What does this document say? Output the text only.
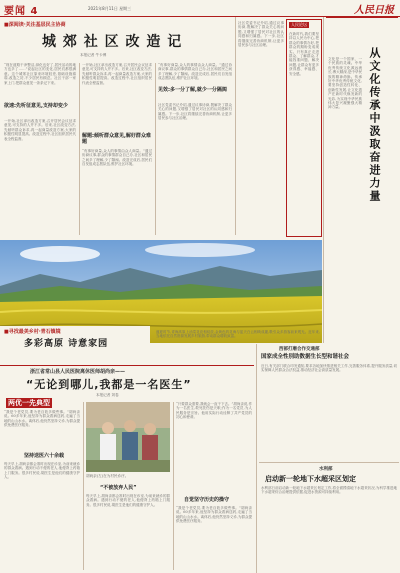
要闻 4	2021年8月11日 星期三	人民日报
■深阅读·关注基层民主协商
城 郊 社 区 改 造 记
本报记者 牛卡博
“现在道路干净整洁,绿化也好了,居民活动的地方也多了……”说起社区的变化,居民们都很满意。这个城郊社区原来环境较差,基础设施薄弱,改造之初,不少居民有顾虑。社区干部一家家上门,把群众意见一条条记下来。
欲速:先听征意见,支持却变少
一开始,社区拿出改造方案,召开居民会议征求意见,可支持的人并不多。后来,社区改变方法,先倾听群众诉求,再一起商量改造方案,大家的积极性明显提高。改造过程中,社区组织居民代表全程监督。
一开始,社区拿出改造方案,召开居民会议征求意见,可支持的人并不多。后来,社区改变方法,先倾听群众诉求,再一起商量改造方案,大家的积极性明显提高。改造过程中,社区组织居民代表全程监督。
解题:倾听群众意见,解好群众难题
“有事好商量,众人的事情由众人商量。”通过协商议事,群众的事情群众自己办,社区和居民之间多了理解,少了隔阂。改造完成后,居民们自发组成志愿队伍,维护社区环境。
“有事好商量,众人的事情由众人商量。”通过协商议事,群众的事情群众自己办,社区和居民之间多了理解,少了隔阂。改造完成后,居民们自发组成志愿队伍,维护社区环境。
见效:多一分了解,就少一分隔阂
社区党委书记介绍,通过议事协商,既解决了群众关心的问题,又增强了居民对社区的认同感和归属感。下一步,社区将继续完善协商机制,让更多居民参与社区治理。
社区党委书记介绍,通过议事协商,既解决了群众关心的问题,又增强了居民对社区的认同感和归属感。下一步,社区将继续完善协商机制,让更多居民参与社区治理。
人民论坛
在新时代,我们要坚持以人民为中心,把群众的事情办好,把群众的期盼变成现实。只有真正走进群众、了解群众,才能找准问题、解决问题,让群众有更多获得感、幸福感、安全感。	从文化传承中汲取奋进力量
文化是一个国家、一个民族的灵魂。中华优秀传统文化源远流长,博大精深,是中华民族的精神命脉。传承好中华优秀传统文化,要坚持创造性转化、创新性发展,让文化遗产在新时代焕发新的光彩,为实现中华民族伟大复兴凝聚强大精神力量。
■寻找最美乡村·青石镇镜
多彩高原 诗意家园
盛夏时节,青海高原上油菜花竞相绽放,金黄色的花海与蓝天白云相映成趣,吸引众多游客前来观光。近年来,当地依托自然资源发展乡村旅游,带动群众增收致富。
浙江省常山县人民医院离休医师胡尚亲——
“无论到哪儿,我都是一名医生”
本报记者 刘卷
两优一先典型
“我是个老党员,要为老百姓多做些事。”胡尚亲说。60多年来,他坚持为群众看病送药,走遍了当地的山山水水。离休后,他仍然坚持义诊,为群众提供免费医疗服务。
坚持送医六十余载
每天早上,胡尚亲都会准时出现在诊室,为前来就诊的群众看病。遇到行动不便的老人,他便背上药箱上门服务。很多村民说,胡医生是他们的健康守护人。	胡尚亲(左)在为村民诊疗。
“不被放弃人民”
每天早上,胡尚亲都会准时出现在诊室,为前来就诊的群众看病。遇到行动不便的老人,他便背上药箱上门服务。很多村民说,胡医生是他们的健康守护人。
“只要群众需要,我就会一直干下去。”胡尚亲说,作为一名医生,救死扶伤是天职;作为一名党员,为人民服务是宗旨。他用实际行动诠释了共产党员的初心和使命。
自觉坚守历史的操守
“我是个老党员,要为老百姓多做些事。”胡尚亲说。60多年来,他坚持为群众看病送药,走遍了当地的山山水水。离休后,他仍然坚持义诊,为群众提供免费医疗服务。
西部打磨合作交通部
国家成全性别助数据生长型和谐社会
近日,有关部门联合印发通知,要求各地加快推进相关工作,完善服务体系,提升服务质量,切实保障人民群众合法权益,推动经济社会高质量发展。
水利部
启动新一轮地下水超采区划定
水利部日前启动新一轮地下水超采区划定工作,将全面摸清地下水超采状况,为科学推进地下水超采综合治理提供依据,促进水资源可持续利用。
